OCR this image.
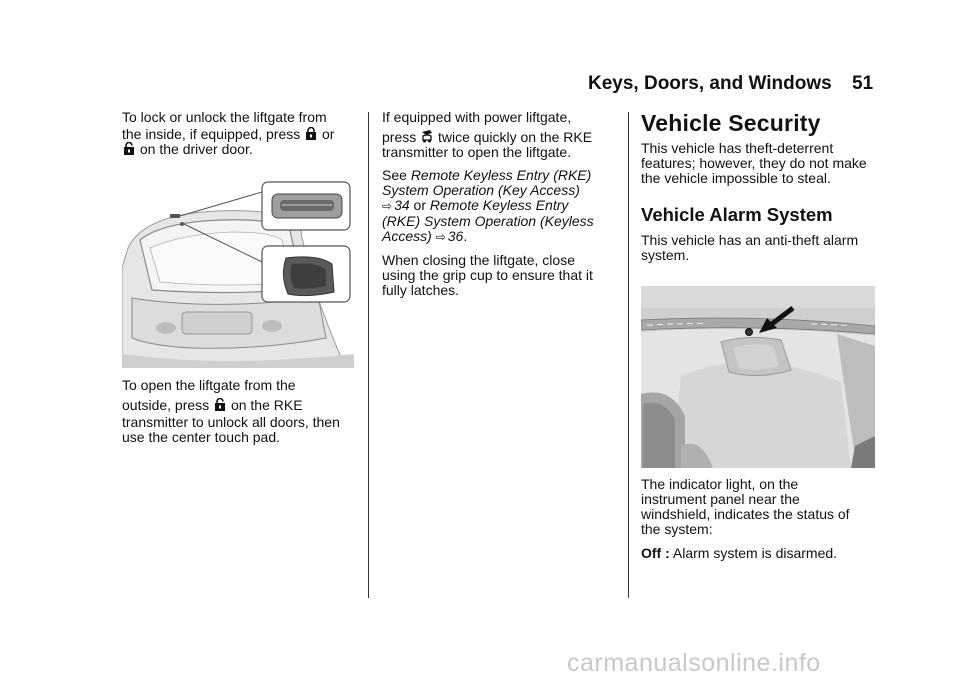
Keys, Doors, and Windows 51
To lock or unlock the liftgate from
the inside, if equipped, press or
on the driver door.
To open the liftgate from the
outside, press on the RKE
transmitter to unlock all doors, then
use the center touch pad.
If equipped with power liftgate,
press twice quickly on the RKE
transmitter to open the liftgate.
See Remote Keyless Entry (RKE)
System Operation (Key Access)
⇨ 34 or Remote Keyless Entry
(RKE) System Operation (Keyless
Access) ⇨ 36.
When closing the liftgate, close
using the grip cup to ensure that it
fully latches.
Vehicle Security
This vehicle has theft-deterrent
features; however, they do not make
the vehicle impossible to steal.
Vehicle Alarm System
This vehicle has an anti-theft alarm
system.
The indicator light, on the
instrument panel near the
windshield, indicates the status of
the system:
Off : Alarm system is disarmed.
carmanualsonline.info
